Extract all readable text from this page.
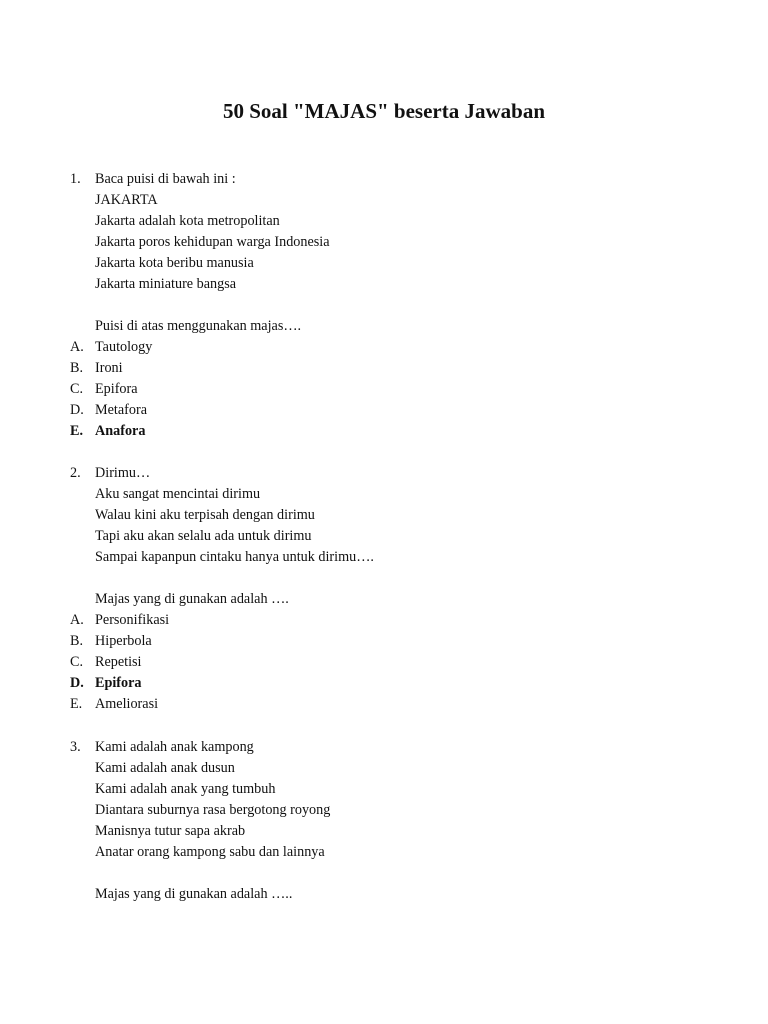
50 Soal "MAJAS" beserta Jawaban
1. Baca puisi di bawah ini :
JAKARTA
Jakarta adalah kota metropolitan
Jakarta poros kehidupan warga Indonesia
Jakarta kota beribu manusia
Jakarta miniature bangsa
Puisi di atas menggunakan majas….
A. Tautology
B. Ironi
C. Epifora
D. Metafora
E. Anafora
2. Dirimu…
Aku sangat mencintai dirimu
Walau kini aku terpisah dengan dirimu
Tapi aku akan selalu ada untuk dirimu
Sampai kapanpun cintaku hanya untuk dirimu….
Majas yang di gunakan adalah ….
A. Personifikasi
B. Hiperbola
C. Repetisi
D. Epifora
E. Ameliorasi
3. Kami adalah anak kampong
Kami adalah anak dusun
Kami adalah anak yang tumbuh
Diantara suburnya rasa bergotong royong
Manisnya tutur sapa akrab
Anatar orang kampong sabu dan lainnya
Majas yang di gunakan adalah …..
